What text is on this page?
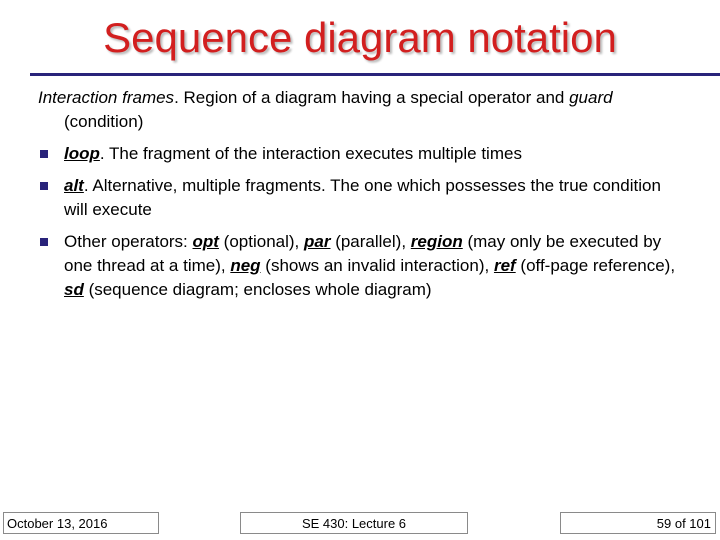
Sequence diagram notation

Interaction frames. Region of a diagram having a special operator and guard (condition)

loop. The fragment of the interaction executes multiple times
alt. Alternative, multiple fragments. The one which possesses the true condition will execute
Other operators: opt (optional), par (parallel), region (may only be executed by one thread at a time), neg (shows an invalid interaction), ref (off-page reference), sd (sequence diagram; encloses whole diagram)
October 13, 2016	SE 430: Lecture 6	59 of 101
